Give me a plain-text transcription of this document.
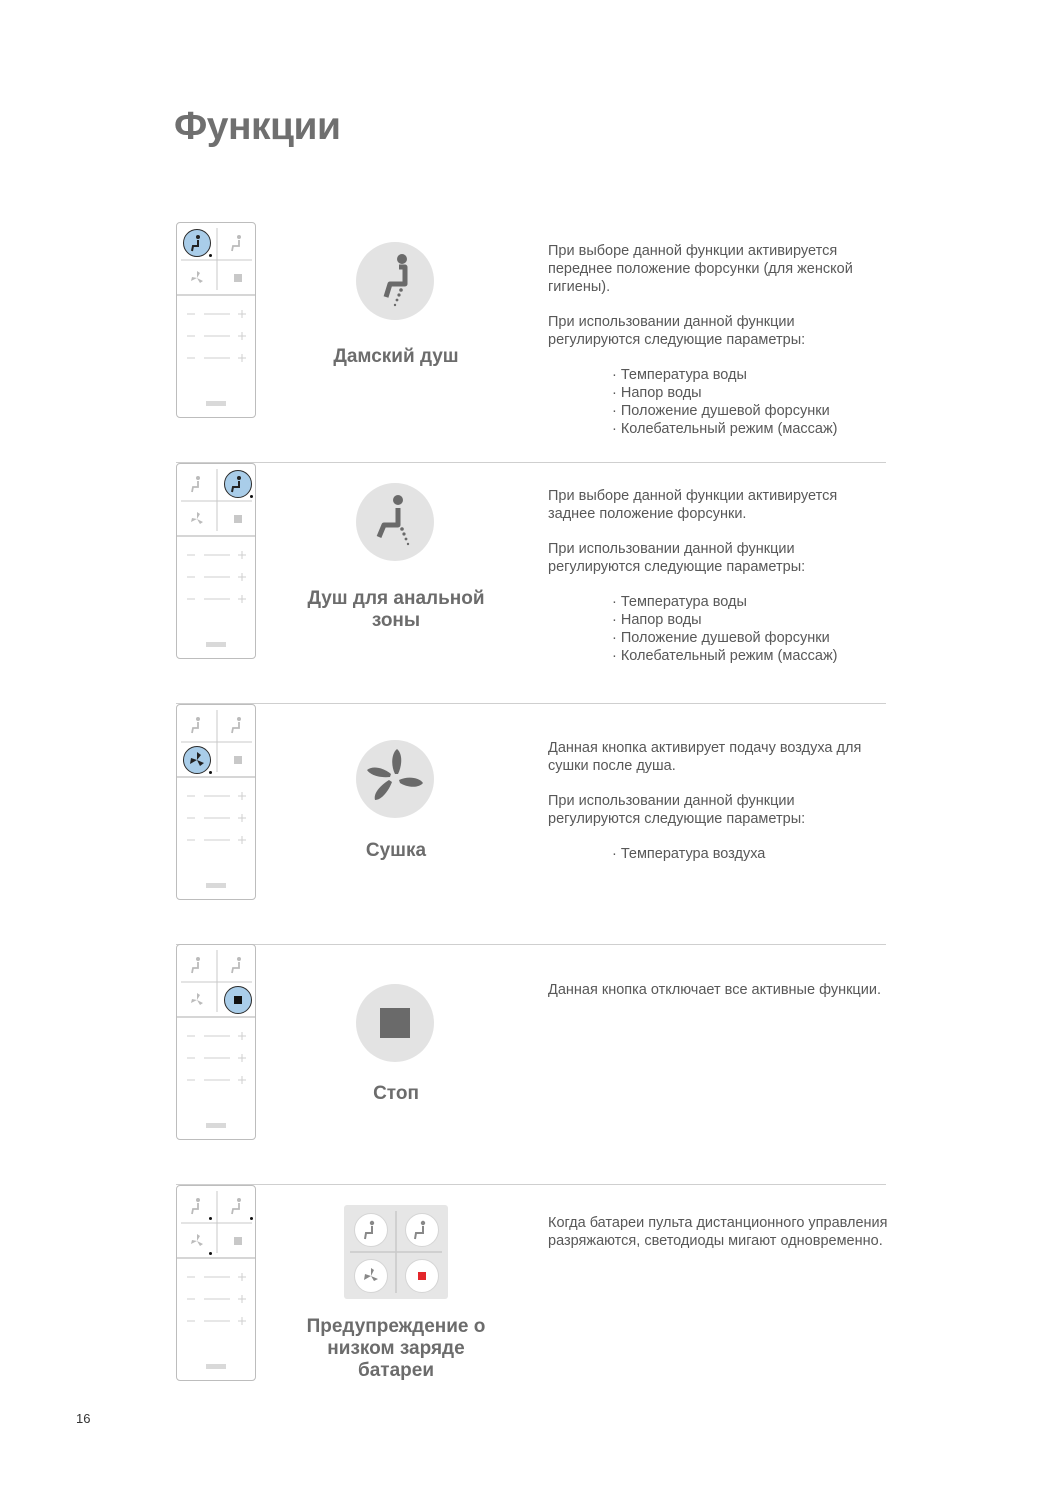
Функции
Дамский душ

При выборе данной функции активируется переднее положение форсунки (для женской гигиены).

При использовании данной функции регулируются следующие параметры:

· Температура воды
· Напор воды
· Положение душевой форсунки
· Колебательный режим (массаж)
Душ для анальной зоны

При выборе данной функции активируется заднее положение форсунки.

При использовании данной функции регулируются следующие параметры:

· Температура воды
· Напор воды
· Положение душевой форсунки
· Колебательный режим (массаж)
Сушка

Данная кнопка активирует подачу воздуха для сушки после душа.

При использовании данной функции регулируются следующие параметры:

· Температура воздуха
Стоп

Данная кнопка отключает все активные функции.

Предупреждение о низком заряде батареи

Когда батареи пульта дистанционного управления разряжаются, светодиоды мигают одновременно.

16
